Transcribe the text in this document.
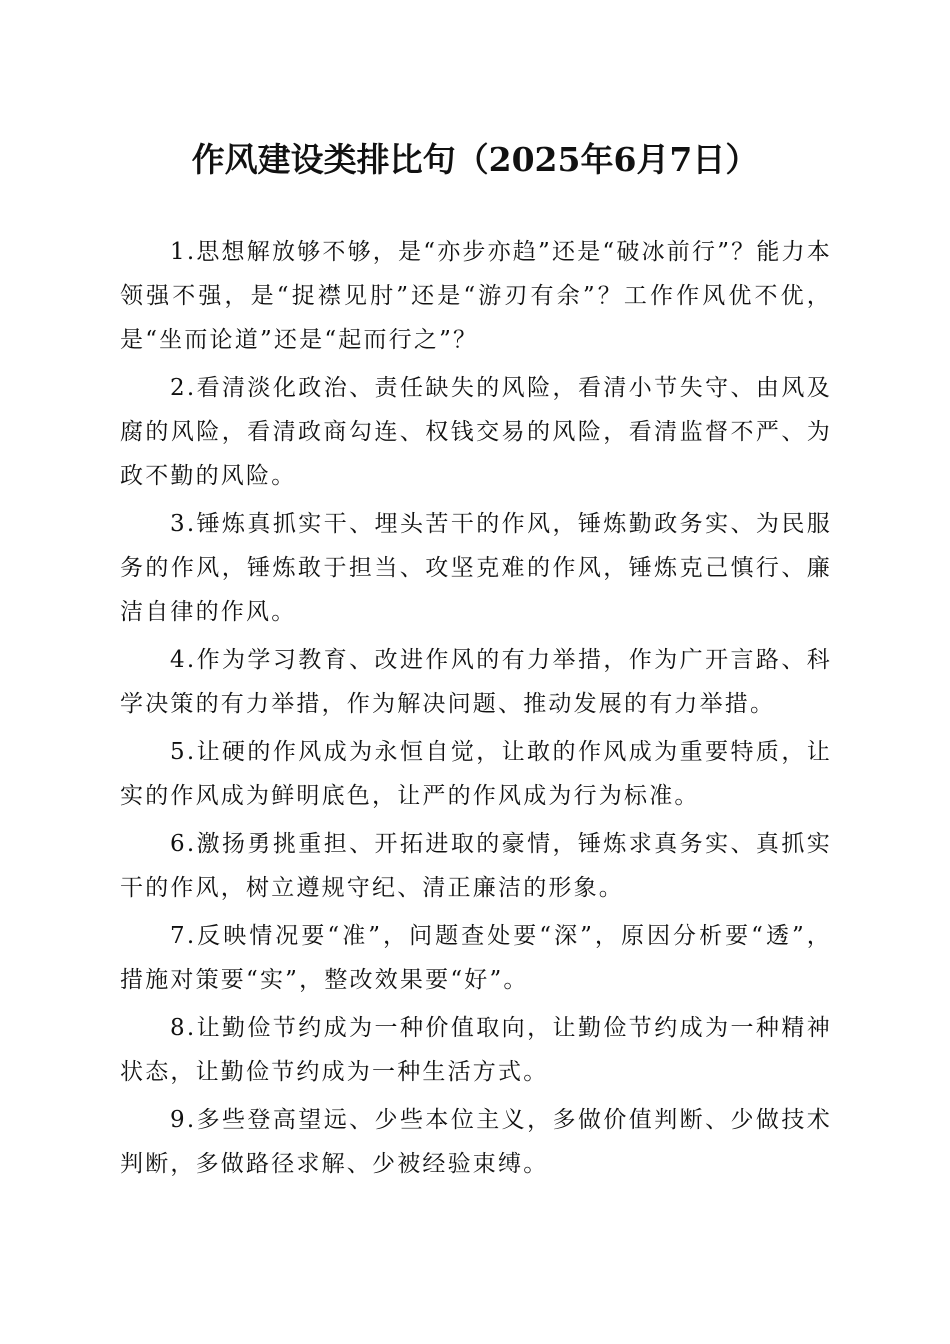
作风建设类排比句（2025年6月7日）

1.思想解放够不够，是“亦步亦趋”还是“破冰前行”？能力本领强不强，是“捉襟见肘”还是“游刃有余”？工作作风优不优，是“坐而论道”还是“起而行之”？

2.看清淡化政治、责任缺失的风险，看清小节失守、由风及腐的风险，看清政商勾连、权钱交易的风险，看清监督不严、为政不勤的风险。

3.锤炼真抓实干、埋头苦干的作风，锤炼勤政务实、为民服务的作风，锤炼敢于担当、攻坚克难的作风，锤炼克己慎行、廉洁自律的作风。

4.作为学习教育、改进作风的有力举措，作为广开言路、科学决策的有力举措，作为解决问题、推动发展的有力举措。

5.让硬的作风成为永恒自觉，让敢的作风成为重要特质，让实的作风成为鲜明底色，让严的作风成为行为标准。

6.激扬勇挑重担、开拓进取的豪情，锤炼求真务实、真抓实干的作风，树立遵规守纪、清正廉洁的形象。

7.反映情况要“准”，问题查处要“深”，原因分析要“透”，措施对策要“实”，整改效果要“好”。

8.让勤俭节约成为一种价值取向，让勤俭节约成为一种精神状态，让勤俭节约成为一种生活方式。

9.多些登高望远、少些本位主义，多做价值判断、少做技术判断，多做路径求解、少被经验束缚。
